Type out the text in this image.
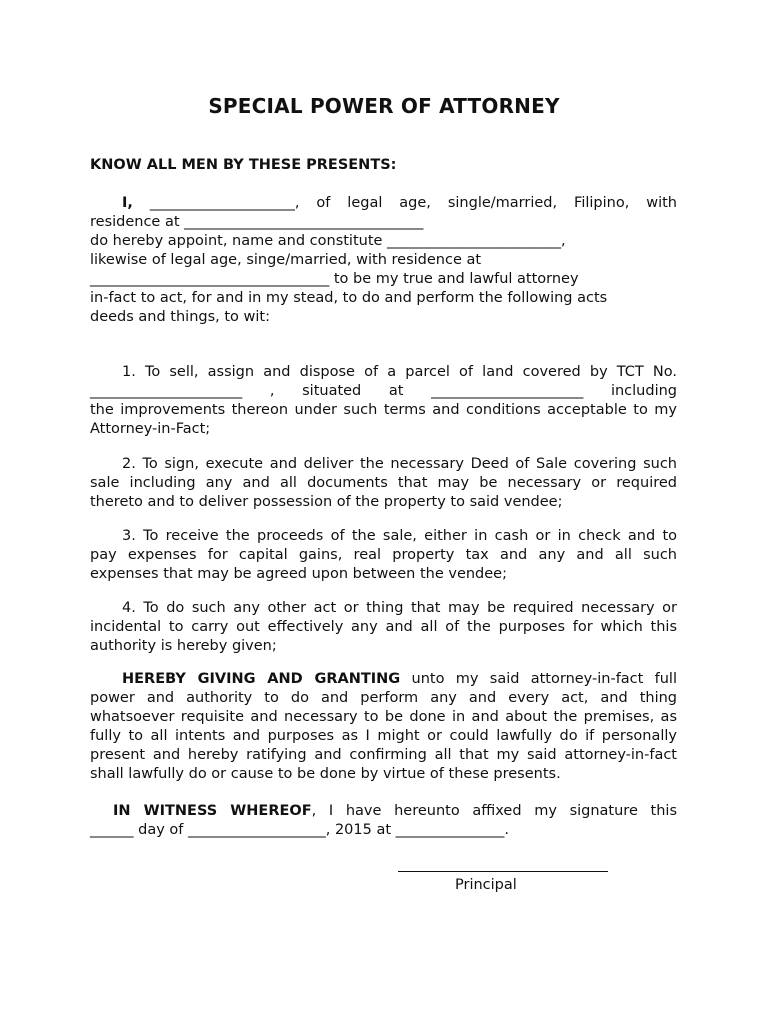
SPECIAL POWER OF ATTORNEY
KNOW ALL MEN BY THESE PRESENTS:
I, ____________________, of legal age, single/married, Filipino, with
residence at _________________________________
do hereby appoint, name and constitute ________________________,
likewise of legal age, singe/married, with residence at
_________________________________ to be my true and lawful attorney
in-fact to act, for and in my stead, to do and perform the following acts
deeds and things, to wit:
1. To sell, assign and dispose of a parcel of land covered by TCT No.
_____________________ , situated at _____________________ including
the improvements thereon under such terms and conditions acceptable to my
Attorney-in-Fact;
2. To sign, execute and deliver the necessary Deed of Sale covering such
sale including any and all documents that may be necessary or required
thereto and to deliver possession of the property to said vendee;
3. To receive the proceeds of the sale, either in cash or in check and to
pay expenses for capital gains, real property tax and any and all such
expenses that may be agreed upon between the vendee;
4. To do such any other act or thing that may be required necessary or
incidental to carry out effectively any and all of the purposes for which this
authority is hereby given;
HEREBY GIVING AND GRANTING unto my said attorney-in-fact full
power and authority to do and perform any and every act, and thing
whatsoever requisite and necessary to be done in and about the premises, as
fully to all intents and purposes as I might or could lawfully do if personally
present and hereby ratifying and confirming all that my said attorney-in-fact
shall lawfully do or cause to be done by virtue of these presents.
IN WITNESS WHEREOF, I have hereunto affixed my signature this
______ day of ___________________, 2015 at _______________.
Principal
